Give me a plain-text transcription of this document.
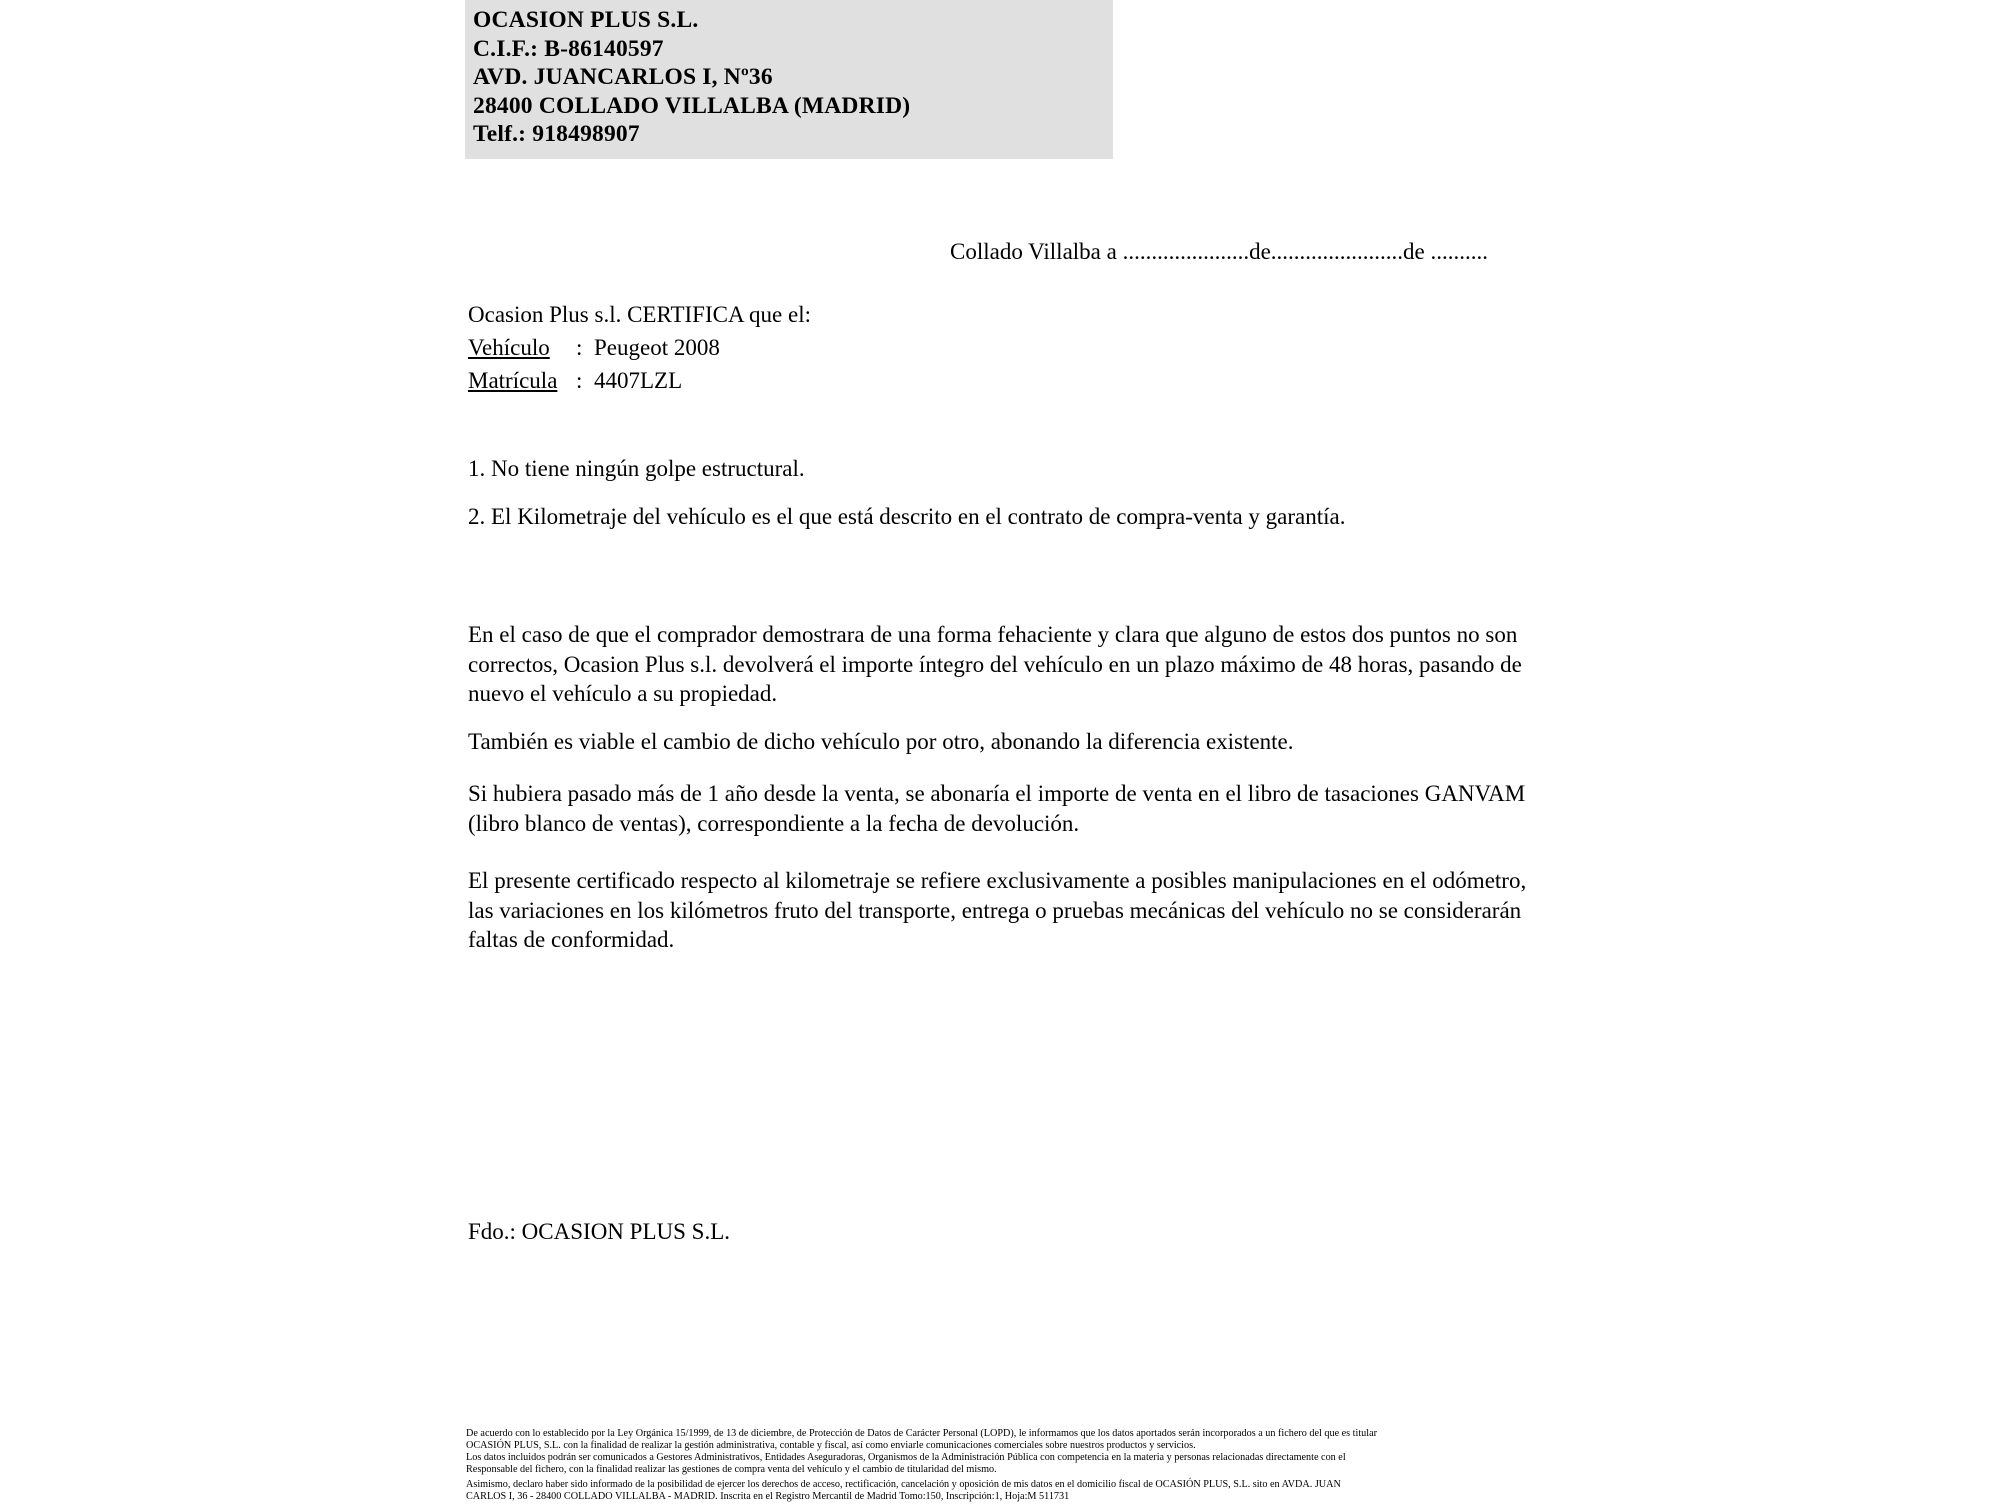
OCASION PLUS S.L.
C.I.F.: B-86140597
AVD. JUANCARLOS I, Nº36
28400 COLLADO VILLALBA (MADRID)
Telf.: 918498907
Collado Villalba a ......................de.......................de ..........
Ocasion Plus s.l. CERTIFICA que el:
Vehículo : Peugeot 2008
Matrícula : 4407LZL
1. No tiene ningún golpe estructural.
2. El Kilometraje del vehículo es el que está descrito en el contrato de compra-venta y garantía.
En el caso de que el comprador demostrara de una forma fehaciente y clara que alguno de estos dos puntos no son correctos, Ocasion Plus s.l. devolverá el importe íntegro del vehículo en un plazo máximo de 48 horas, pasando de nuevo el vehículo a su propiedad.
También es viable el cambio de dicho vehículo por otro, abonando la diferencia existente.
Si hubiera pasado más de 1 año desde la venta, se abonaría el importe de venta en el libro de tasaciones GANVAM (libro blanco de ventas), correspondiente a la fecha de devolución.
El presente certificado respecto al kilometraje se refiere exclusivamente a posibles manipulaciones en el odómetro, las variaciones en los kilómetros fruto del transporte, entrega o pruebas mecánicas del vehículo no se considerarán faltas de conformidad.
Fdo.: OCASION PLUS S.L.

De acuerdo con lo establecido por la Ley Orgánica 15/1999, de 13 de diciembre, de Protección de Datos de Carácter Personal (LOPD), le informamos que los datos aportados serán incorporados a un fichero del que es titular

OCASIÓN PLUS, S.L. con la finalidad de realizar la gestión administrativa, contable y fiscal, así como enviarle comunicaciones comerciales sobre nuestros productos y servicios.

Los datos incluidos podrán ser comunicados a Gestores Administrativos, Entidades Aseguradoras, Organismos de la Administración Pública con competencia en la materia y personas relacionadas directamente con el

Responsable del fichero, con la finalidad realizar las gestiones de compra venta del vehículo y el cambio de titularidad del mismo.

Asimismo, declaro haber sido informado de la posibilidad de ejercer los derechos de acceso, rectificación, cancelación y oposición de mis datos en el domicilio fiscal de OCASIÓN PLUS, S.L. sito en AVDA. JUAN

CARLOS I, 36 - 28400 COLLADO VILLALBA - MADRID. Inscrita en el Registro Mercantil de Madrid Tomo:150, Inscripción:1, Hoja:M 511731
